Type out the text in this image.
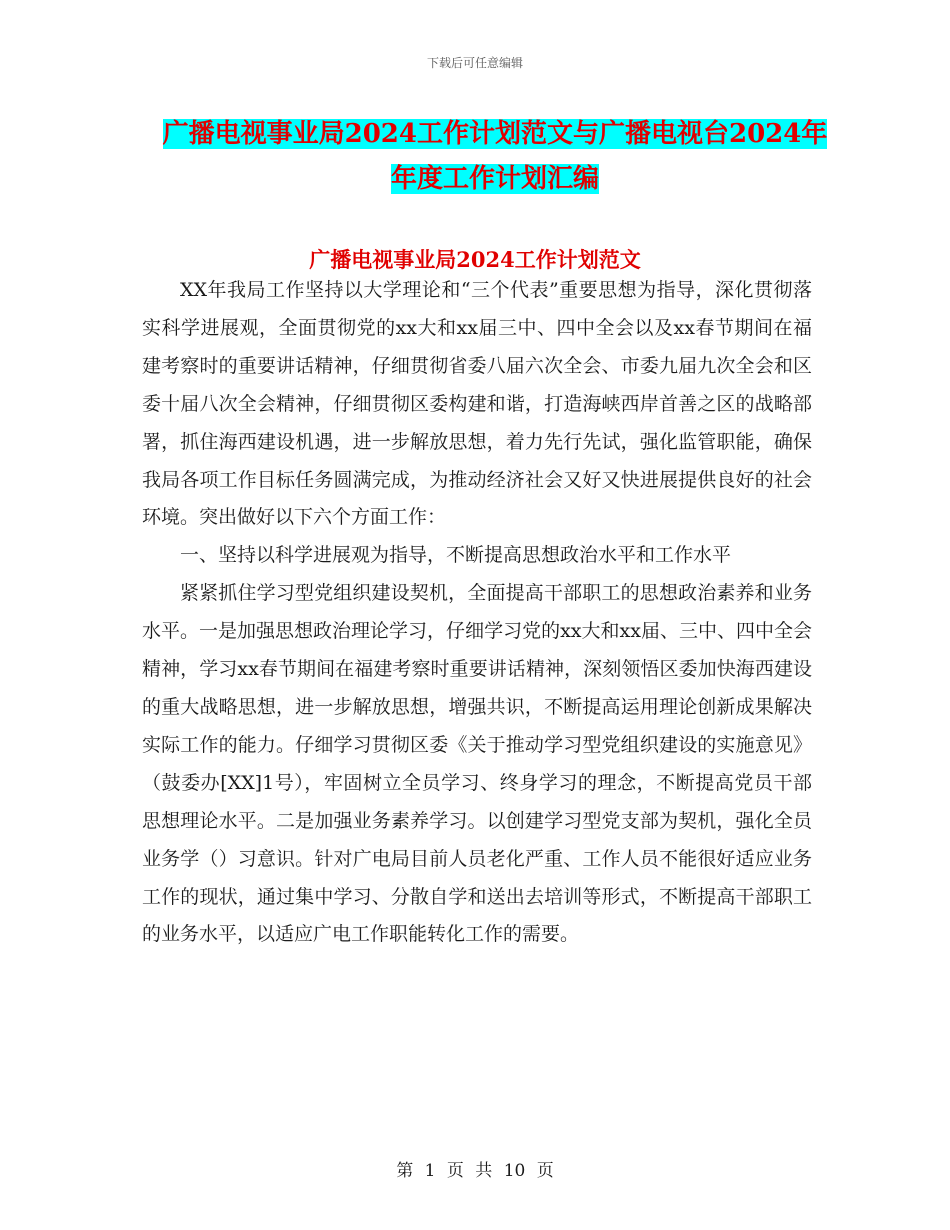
下载后可任意编辑
广播电视事业局2024工作计划范文与广播电视台2024年年度工作计划汇编
广播电视事业局2024工作计划范文

XX年我局工作坚持以大学理论和“三个代表”重要思想为指导，深化贯彻落实科学进展观，全面贯彻党的xx大和xx届三中、四中全会以及xx春节期间在福建考察时的重要讲话精神，仔细贯彻省委八届六次全会、市委九届九次全会和区委十届八次全会精神，仔细贯彻区委构建和谐，打造海峡西岸首善之区的战略部署，抓住海西建设机遇，进一步解放思想，着力先行先试，强化监管职能，确保我局各项工作目标任务圆满完成，为推动经济社会又好又快进展提供良好的社会环境。突出做好以下六个方面工作：

一、坚持以科学进展观为指导，不断提高思想政治水平和工作水平

紧紧抓住学习型党组织建设契机，全面提高干部职工的思想政治素养和业务水平。一是加强思想政治理论学习，仔细学习党的xx大和xx届、三中、四中全会精神，学习xx春节期间在福建考察时重要讲话精神，深刻领悟区委加快海西建设的重大战略思想，进一步解放思想，增强共识，不断提高运用理论创新成果解决实际工作的能力。仔细学习贯彻区委《关于推动学习型党组织建设的实施意见》（鼓委办[XX]1号），牢固树立全员学习、终身学习的理念，不断提高党员干部思想理论水平。二是加强业务素养学习。以创建学习型党支部为契机，强化全员业务学（）习意识。针对广电局目前人员老化严重、工作人员不能很好适应业务工作的现状，通过集中学习、分散自学和送出去培训等形式，不断提高干部职工的业务水平，以适应广电工作职能转化工作的需要。

第 1 页 共 10 页
